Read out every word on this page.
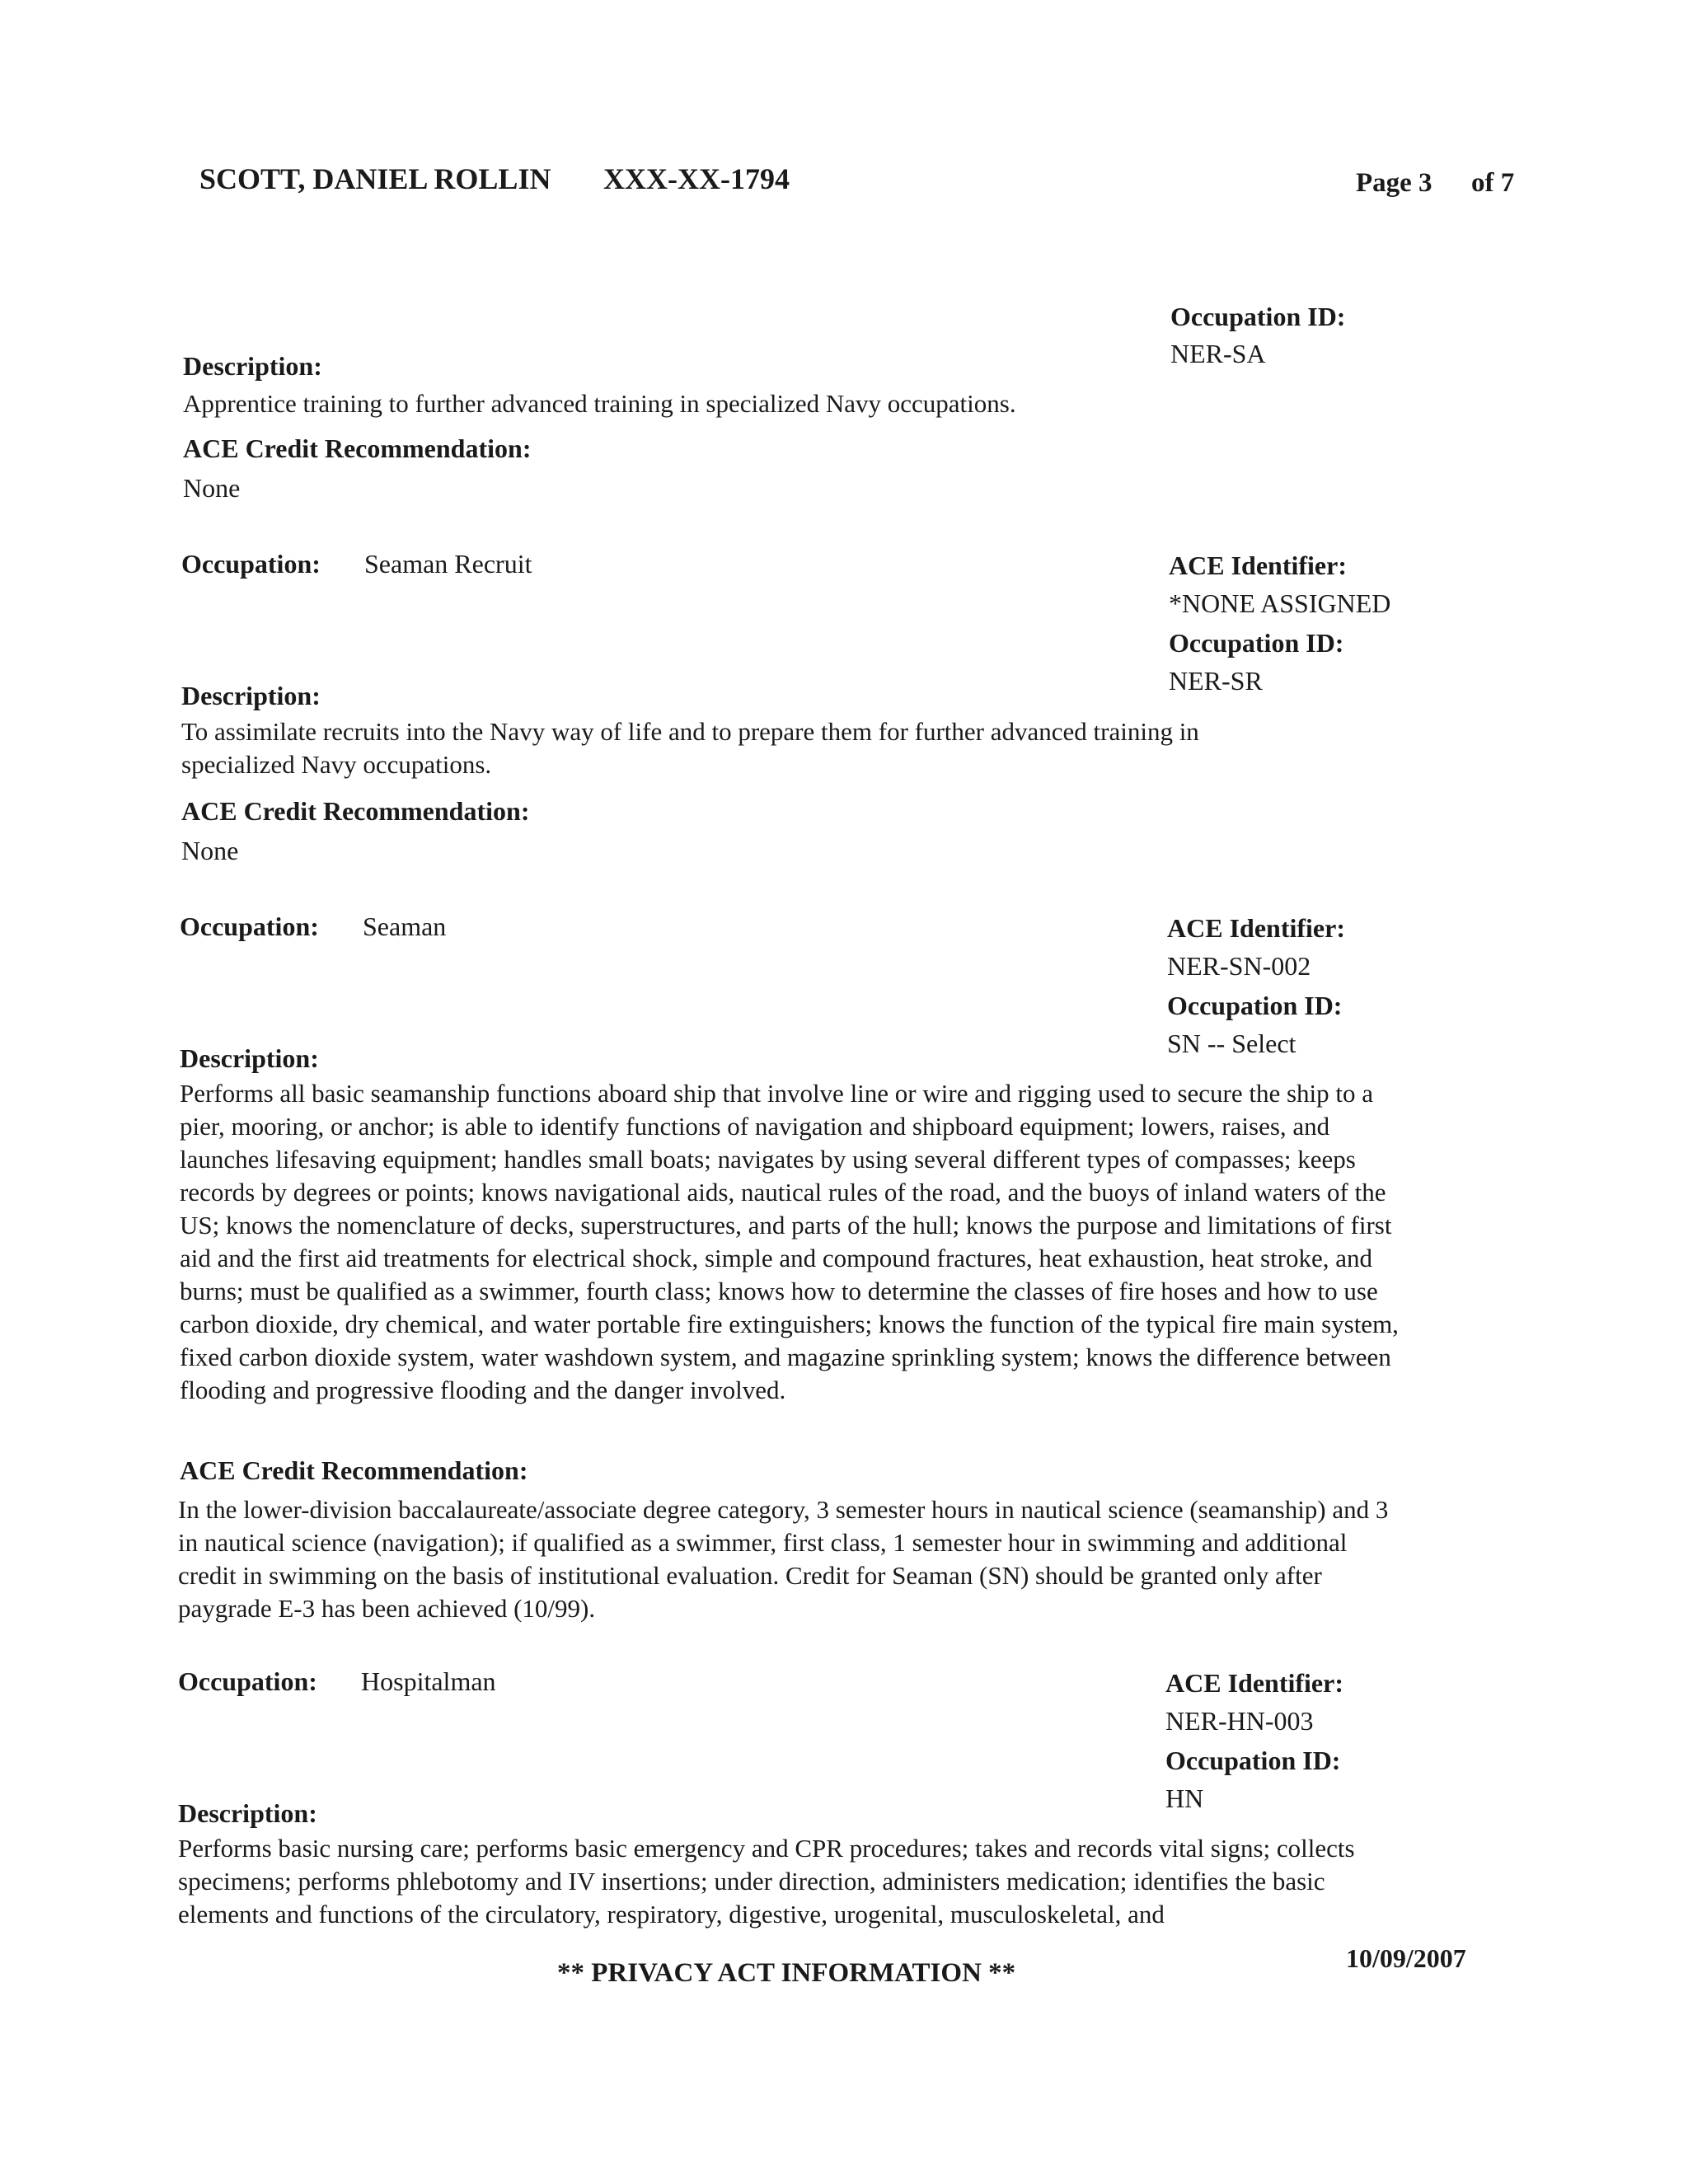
SCOTT, DANIEL ROLLIN XXX-XX-1794	Page 3 of 7
Occupation ID:
NER-SA
Description:
Apprentice training to further advanced training in specialized Navy occupations.
ACE Credit Recommendation:
None
Occupation: Seaman Recruit	ACE Identifier:
*NONE ASSIGNED
Occupation ID:
NER-SR
Description:
To assimilate recruits into the Navy way of life and to prepare them for further advanced training in specialized Navy occupations.
ACE Credit Recommendation:
None
Occupation: Seaman	ACE Identifier:
NER-SN-002
Occupation ID:
SN -- Select
Description:
Performs all basic seamanship functions aboard ship that involve line or wire and rigging used to secure the ship to a pier, mooring, or anchor; is able to identify functions of navigation and shipboard equipment; lowers, raises, and launches lifesaving equipment; handles small boats; navigates by using several different types of compasses; keeps records by degrees or points; knows navigational aids, nautical rules of the road, and the buoys of inland waters of the US; knows the nomenclature of decks, superstructures, and parts of the hull; knows the purpose and limitations of first aid and the first aid treatments for electrical shock, simple and compound fractures, heat exhaustion, heat stroke, and burns; must be qualified as a swimmer, fourth class; knows how to determine the classes of fire hoses and how to use carbon dioxide, dry chemical, and water portable fire extinguishers; knows the function of the typical fire main system, fixed carbon dioxide system, water washdown system, and magazine sprinkling system; knows the difference between flooding and progressive flooding and the danger involved.
ACE Credit Recommendation:
In the lower-division baccalaureate/associate degree category, 3 semester hours in nautical science (seamanship) and 3 in nautical science (navigation); if qualified as a swimmer, first class, 1 semester hour in swimming and additional credit in swimming on the basis of institutional evaluation. Credit for Seaman (SN) should be granted only after paygrade E-3 has been achieved (10/99).
Occupation: Hospitalman	ACE Identifier:
NER-HN-003
Occupation ID:
HN
Description:
Performs basic nursing care; performs basic emergency and CPR procedures; takes and records vital signs; collects specimens; performs phlebotomy and IV insertions; under direction, administers medication; identifies the basic elements and functions of the circulatory, respiratory, digestive, urogenital, musculoskeletal, and
** PRIVACY ACT INFORMATION **	10/09/2007
